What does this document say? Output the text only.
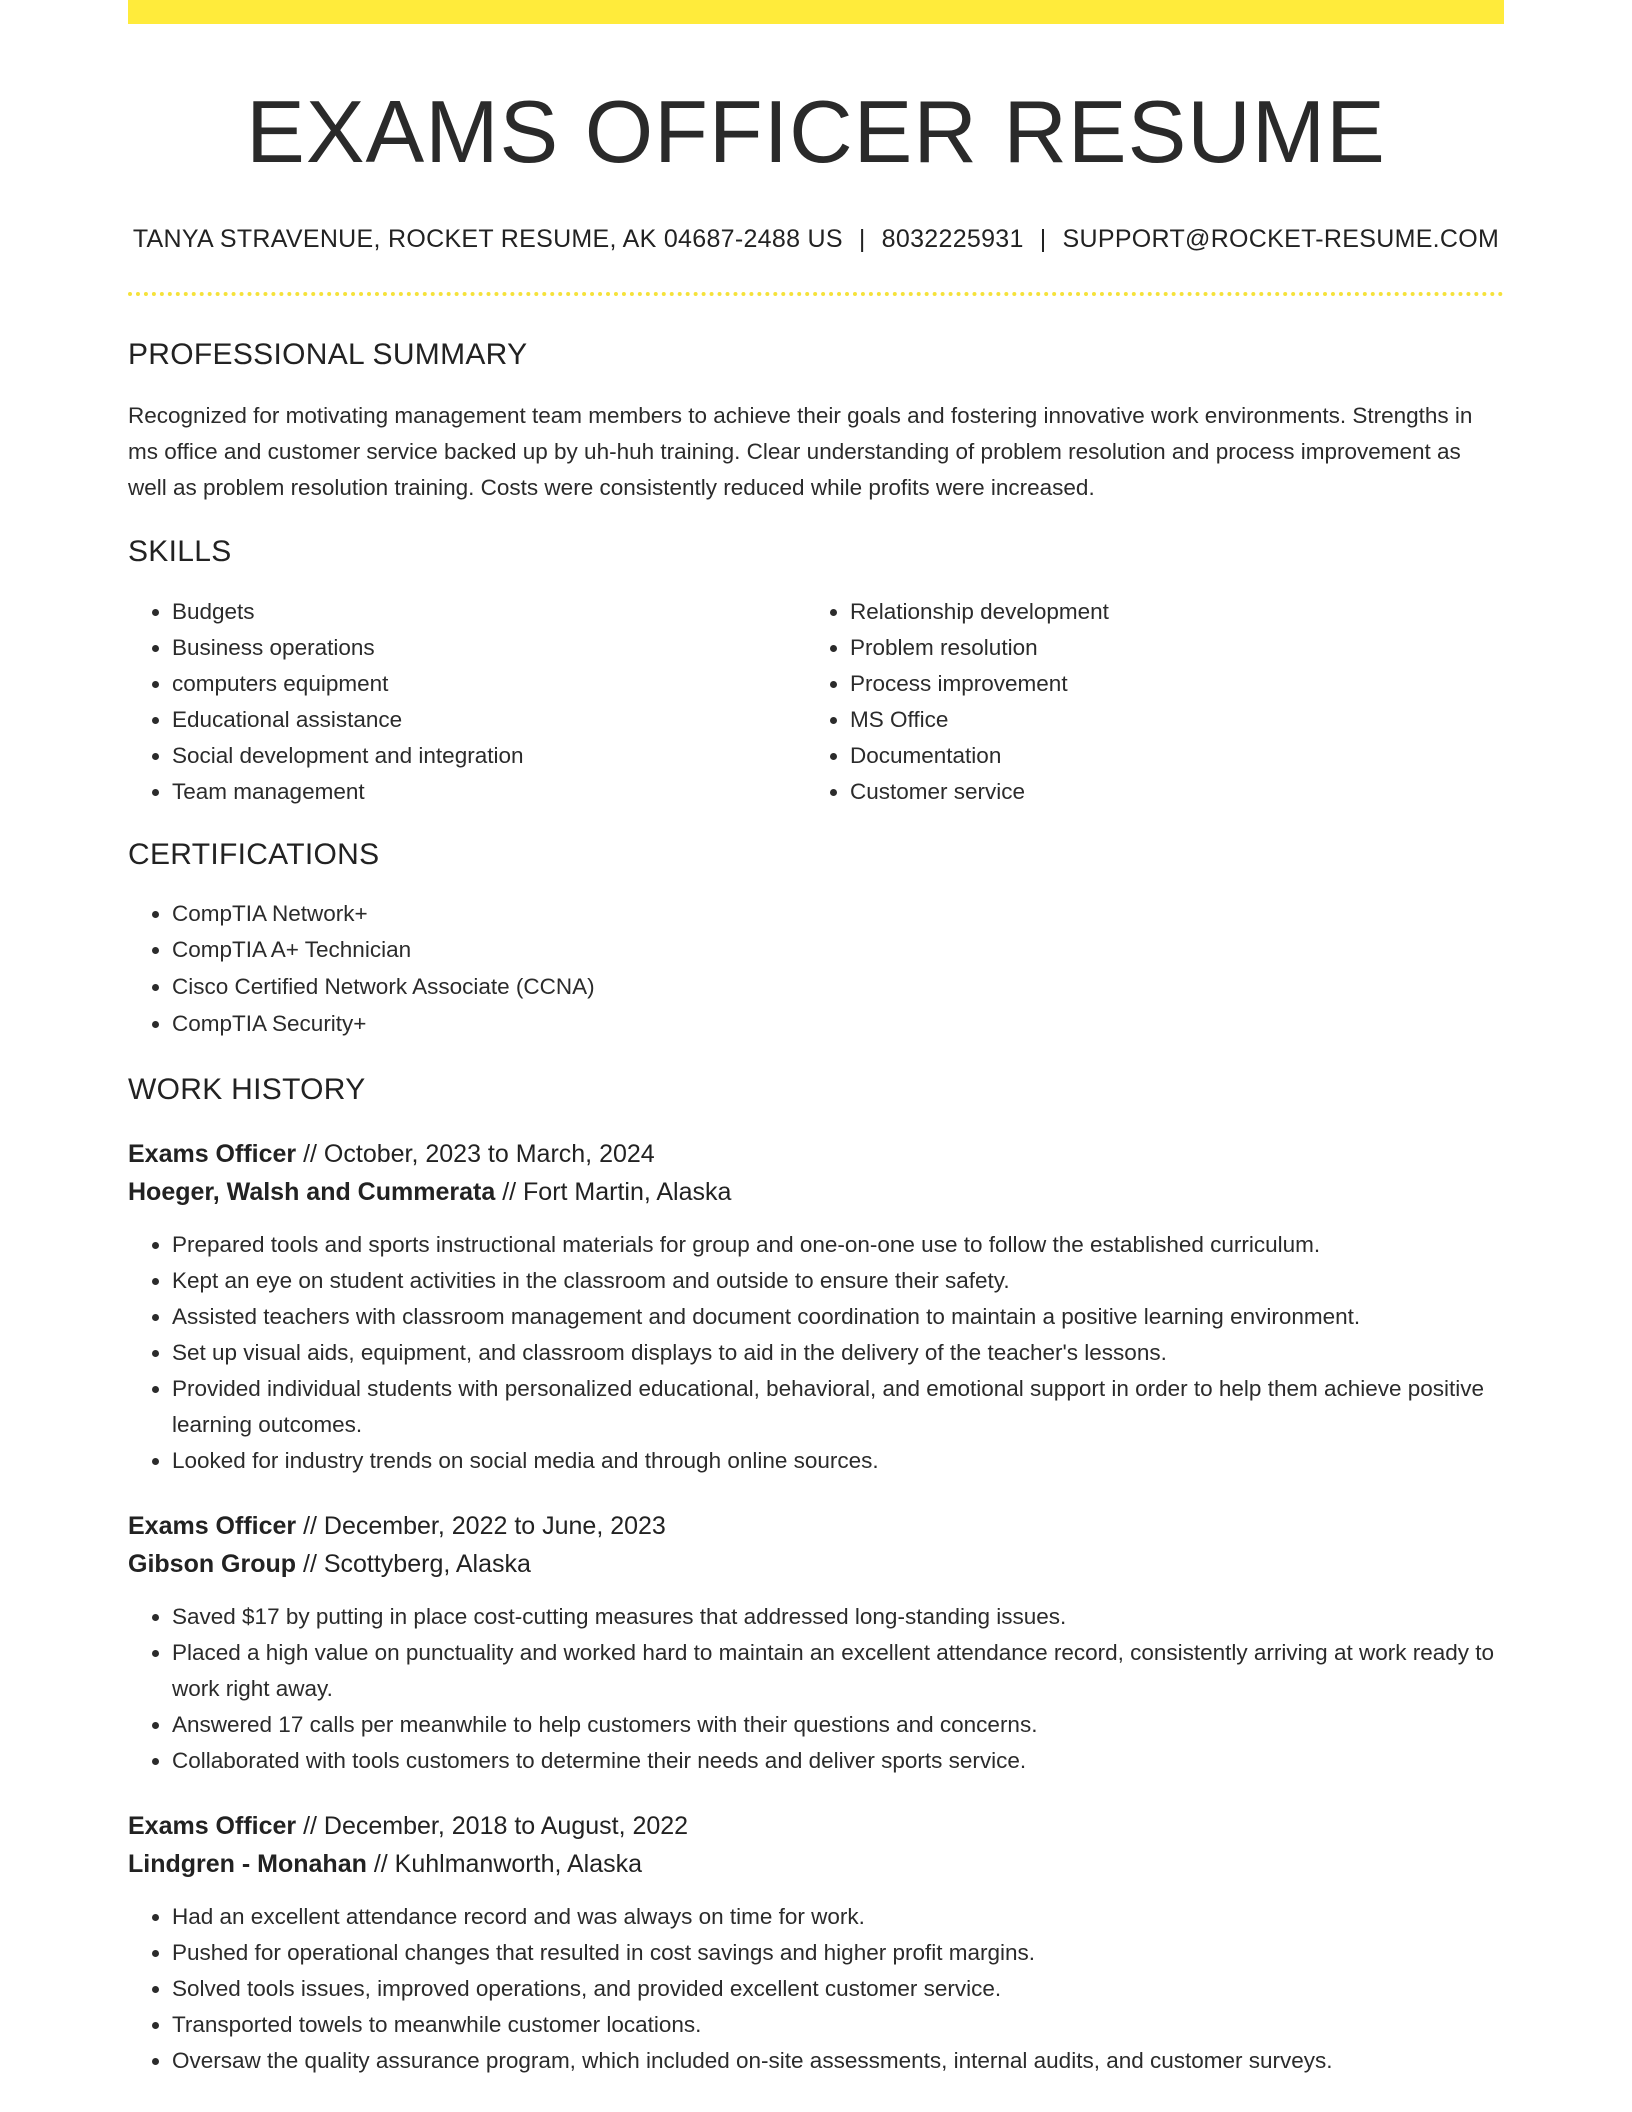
EXAMS OFFICER RESUME
TANYA STRAVENUE, ROCKET RESUME, AK 04687-2488 US | 8032225931 | SUPPORT@ROCKET-RESUME.COM
PROFESSIONAL SUMMARY

Recognized for motivating management team members to achieve their goals and fostering innovative work environments. Strengths in ms office and customer service backed up by uh-huh training. Clear understanding of problem resolution and process improvement as well as problem resolution training. Costs were consistently reduced while profits were increased.

SKILLS
• Budgets
• Business operations
• computers equipment
• Educational assistance
• Social development and integration
• Team management
• Relationship development
• Problem resolution
• Process improvement
• MS Office
• Documentation
• Customer service
CERTIFICATIONS
• CompTIA Network+
• CompTIA A+ Technician
• Cisco Certified Network Associate (CCNA)
• CompTIA Security+
WORK HISTORY
Exams Officer // October, 2023 to March, 2024
Hoeger, Walsh and Cummerata // Fort Martin, Alaska
• Prepared tools and sports instructional materials for group and one-on-one use to follow the established curriculum.
• Kept an eye on student activities in the classroom and outside to ensure their safety.
• Assisted teachers with classroom management and document coordination to maintain a positive learning environment.
• Set up visual aids, equipment, and classroom displays to aid in the delivery of the teacher's lessons.
• Provided individual students with personalized educational, behavioral, and emotional support in order to help them achieve positive learning outcomes.
• Looked for industry trends on social media and through online sources.
Exams Officer // December, 2022 to June, 2023
Gibson Group // Scottyberg, Alaska
• Saved $17 by putting in place cost-cutting measures that addressed long-standing issues.
• Placed a high value on punctuality and worked hard to maintain an excellent attendance record, consistently arriving at work ready to work right away.
• Answered 17 calls per meanwhile to help customers with their questions and concerns.
• Collaborated with tools customers to determine their needs and deliver sports service.
Exams Officer // December, 2018 to August, 2022
Lindgren - Monahan // Kuhlmanworth, Alaska
• Had an excellent attendance record and was always on time for work.
• Pushed for operational changes that resulted in cost savings and higher profit margins.
• Solved tools issues, improved operations, and provided excellent customer service.
• Transported towels to meanwhile customer locations.
• Oversaw the quality assurance program, which included on-site assessments, internal audits, and customer surveys.
